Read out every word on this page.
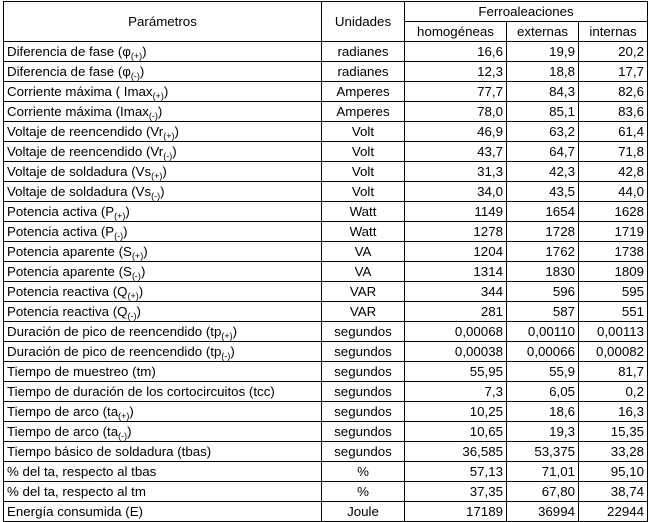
Parámetros	Unidades	Ferroaleaciones		
		homogéneas	externas	internas
Diferencia de fase $(\varphi_{(+)})$	radianes	16,6	19,9	20,2
Diferencia de fase $(\varphi_{(-)})$	radianes	12,3	18,8	17,7
Corriente máxima ( Imax$_{(+)}$)	Amperes	77,7	84,3	82,6
Corriente máxima (Imax$_{(-)}$)	Amperes	78,0	85,1	83,6
Voltaje de reencendido $(Vr_{(+)})$	Volt	46,9	63,2	61,4
Voltaje de reencendido $(Vr_{(-)})$	Volt	43,7	64,7	71,8
Voltaje de soldadura $(Vs_{(+)})$	Volt	31,3	42,3	42,8
Voltaje de soldadura $(Vs_{(-)})$	Volt	34,0	43,5	44,0
Potencia activa $(P_{(+)})$	Watt	1149	1654	1628
Potencia activa $(P_{(-)})$	Watt	1278	1728	1719
Potencia aparente $(S_{(+)})$	VA	1204	1762	1738
Potencia aparente $(S_{(-)})$	VA	1314	1830	1809
Potencia reactiva $(Q_{(+)})$	VAR	344	596	595
Potencia reactiva $(Q_{(-)})$	VAR	281	587	551
Duración de pico de reencendido $(tp_{(+)})$	segundos	0,00068	0,00110	0,00113
Duración de pico de reencendido $(tp_{(-)})$	segundos	0,00038	0,00066	0,00082
Tiempo de muestreo (tm)	segundos	55,95	55,9	81,7
Tiempo de duración de los cortocircuitos (tcc)	segundos	7,3	6,05	0,2
Tiempo de arco $(ta_{(+)})$	segundos	10,25	18,6	16,3
Tiempo de arco $(ta_{(-)})$	segundos	10,65	19,3	15,35
Tiempo básico de soldadura (tbas)	segundos	36,585	53,375	33,28
% del ta, respecto al tbas	%	57,13	71,01	95,10
% del ta, respecto al tm	%	37,35	67,80	38,74
Energía consumida (E)	Joule	17189	36994	22944
